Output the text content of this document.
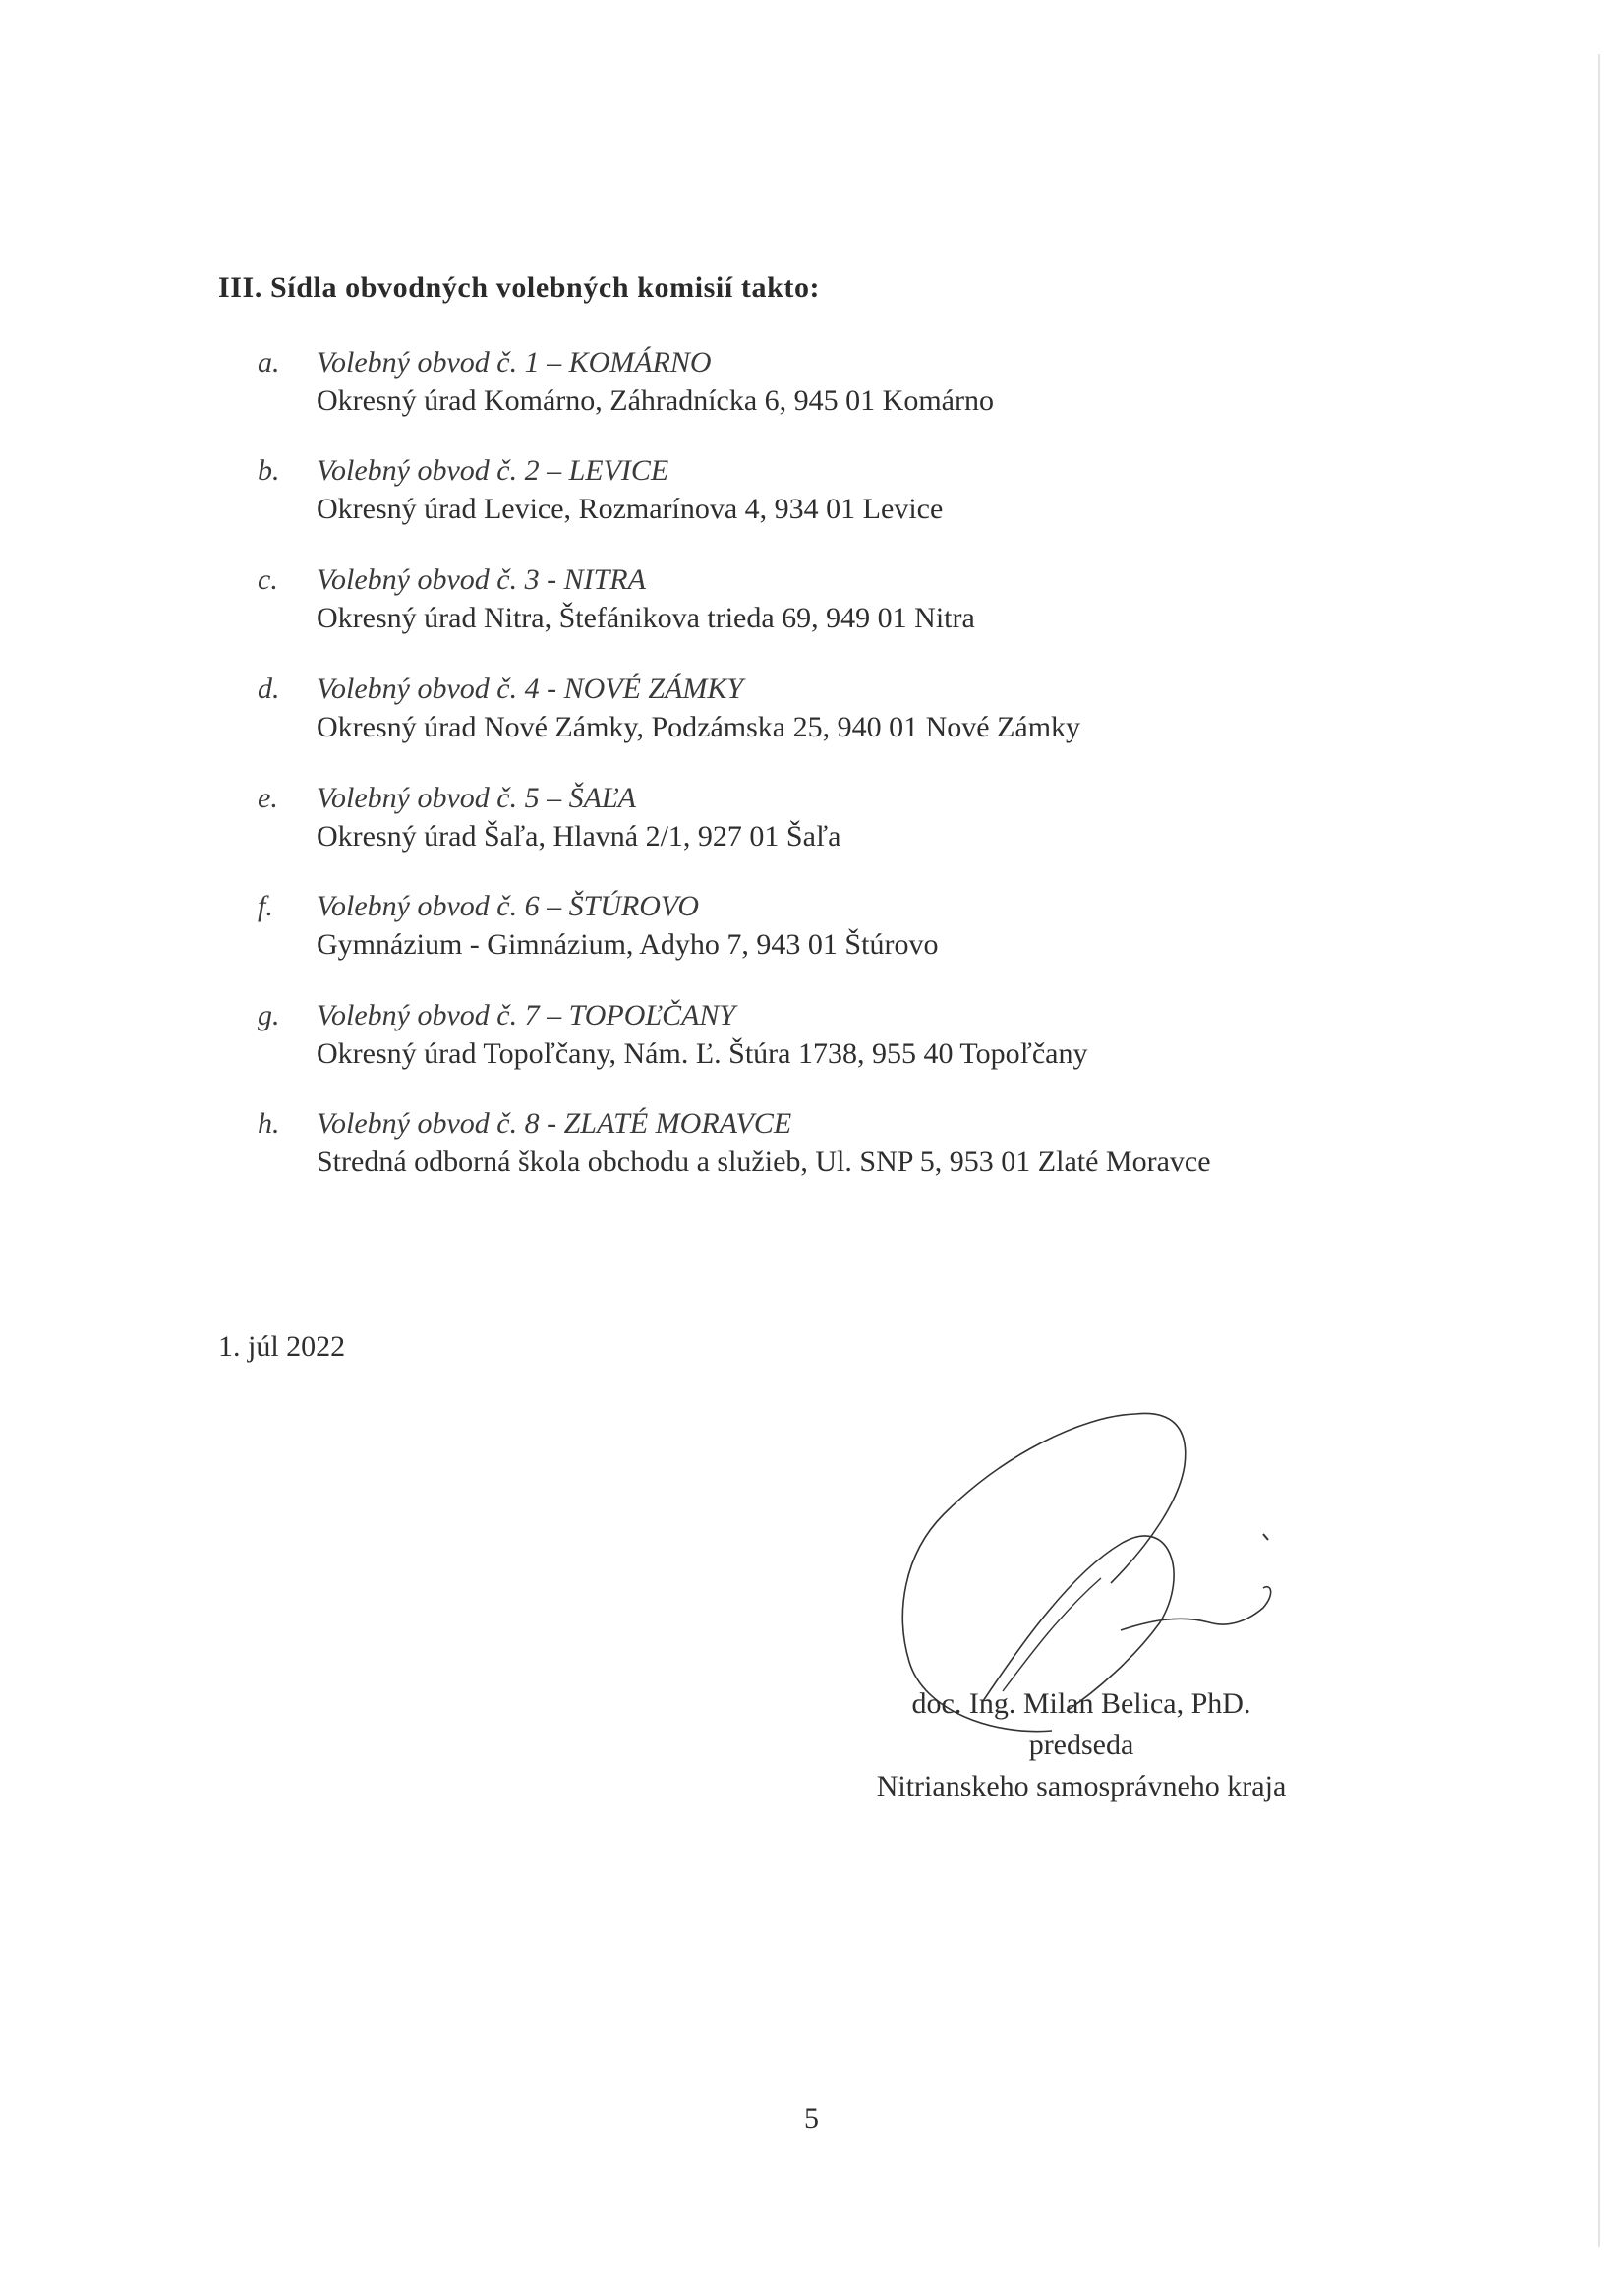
III. Sídla obvodných volebných komisií takto:
a.	Volebný obvod č. 1 – KOMÁRNO
Okresný úrad Komárno, Záhradnícka 6, 945 01 Komárno
b.	Volebný obvod č. 2 – LEVICE
Okresný úrad Levice, Rozmarínova 4, 934 01 Levice
c.	Volebný obvod č. 3 - NITRA
Okresný úrad Nitra, Štefánikova trieda 69, 949 01 Nitra
d.	Volebný obvod č. 4 - NOVÉ ZÁMKY
Okresný úrad Nové Zámky, Podzámska 25, 940 01 Nové Zámky
e.	Volebný obvod č. 5 – ŠAĽA
Okresný úrad Šaľa, Hlavná 2/1, 927 01 Šaľa
f.	Volebný obvod č. 6 – ŠTÚROVO
Gymnázium - Gimnázium, Adyho 7, 943 01 Štúrovo
g.	Volebný obvod č. 7 – TOPOĽČANY
Okresný úrad Topoľčany, Nám. Ľ. Štúra 1738, 955 40 Topoľčany
h.	Volebný obvod č. 8 - ZLATÉ MORAVCE
Stredná odborná škola obchodu a služieb, Ul. SNP 5, 953 01 Zlaté Moravce
1. júl 2022
doc. Ing. Milan Belica, PhD.
predseda
Nitrianskeho samosprávneho kraja
5
